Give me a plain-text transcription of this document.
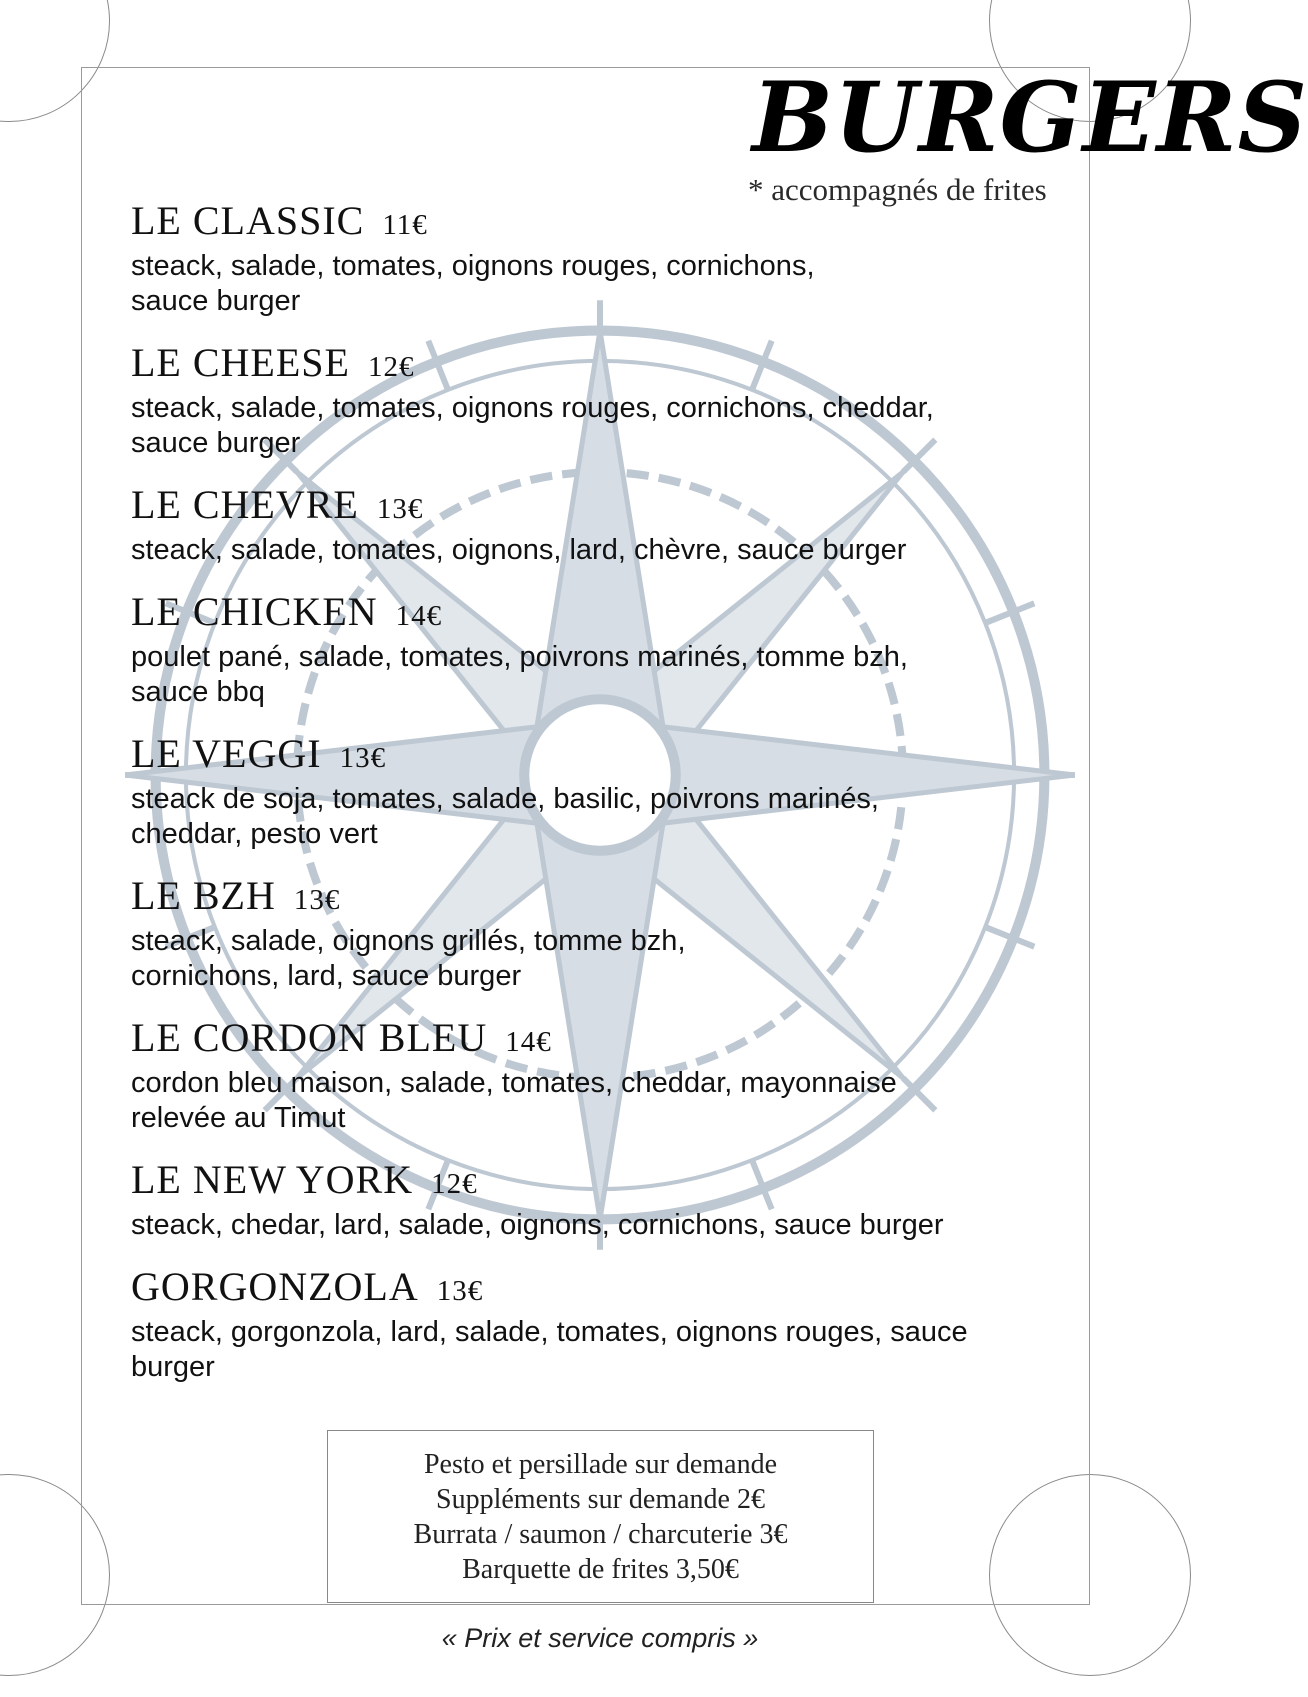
BURGERS
* accompagnés de frites
LE CLASSIC 11€
steack, salade, tomates, oignons rouges, cornichons,
sauce burger
LE CHEESE 12€
steack, salade, tomates, oignons rouges, cornichons, cheddar,
sauce burger
LE CHEVRE 13€
steack, salade, tomates, oignons, lard, chèvre, sauce burger
LE CHICKEN 14€
poulet pané, salade, tomates, poivrons marinés, tomme bzh,
sauce bbq
LE VEGGI 13€
steack de soja, tomates, salade, basilic, poivrons marinés,
cheddar, pesto vert
LE BZH 13€
steack, salade, oignons grillés, tomme bzh,
cornichons, lard, sauce burger
LE CORDON BLEU 14€
cordon bleu maison, salade, tomates, cheddar, mayonnaise
relevée au Timut
LE NEW YORK 12€
steack, chedar, lard, salade, oignons, cornichons, sauce burger
GORGONZOLA 13€
steack, gorgonzola, lard, salade, tomates, oignons rouges, sauce
burger
Pesto et persillade sur demande
Suppléments sur demande 2€
Burrata / saumon / charcuterie 3€
Barquette de frites 3,50€
« Prix et service compris »
